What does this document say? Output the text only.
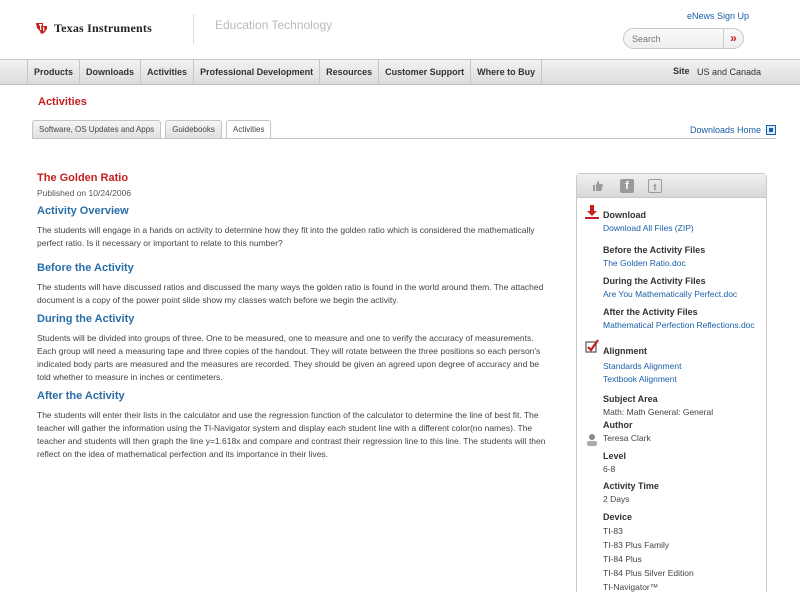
Texas Instruments	Education Technology
eNews Sign Up
Search	»
Products	Downloads	Activities	Professional Development	Resources	Customer Support	Where to Buy	Site US and Canada
Activities
Software, OS Updates and Apps	Guidebooks	Activities	Downloads Home
The Golden Ratio
Published on 10/24/2006
Activity Overview
The students will engage in a hands on activity to determine how they fit into the golden ratio which is considered the mathematically perfect ratio. Is it necessary or important to relate to this number?
Before the Activity
The students will have discussed ratios and discussed the many ways the golden ratio is found in the world around them. The attached document is a copy of the power point slide show my classes watch before we begin the activity.
During the Activity
Students will be divided into groups of three. One to be measured, one to measure and one to verify the accuracy of measurements. Each group will need a measuring tape and three copies of the handout. They will rotate between the three positions so each person's indicated body parts are measured and the measures are recorded. They should be given an agreed upon degree of accuracy and be told whether to measure in inches or centimeters.
After the Activity
The students will enter their lists in the calculator and use the regression function of the calculator to determine the line of best fit. The teacher will gather the information using the TI-Navigator system and display each student line with a different color(no names). The teacher and students will then graph the line y=1.618x and compare and contrast their regression line to this line. The students will then reflect on the idea of mathematical perfection and its importance in their lives.
f	t
Download
Download All Files (ZIP)
Before the Activity Files
The Golden Ratio.doc
During the Activity Files
Are You Mathematically Perfect.doc
After the Activity Files
Mathematical Perfection Reflections.doc
Alignment
Standards Alignment
Textbook Alignment
Subject Area
Math: Math General: General
Author
Teresa Clark
Level
6-8
Activity Time
2 Days
Device
TI-83
TI-83 Plus Family
TI-84 Plus
TI-84 Plus Silver Edition
TI-Navigator™
